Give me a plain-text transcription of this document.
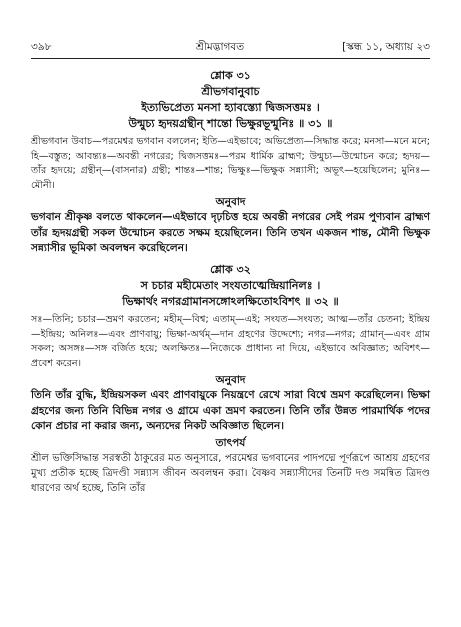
৩৯৮	শ্রীমদ্ভাগবত	[স্কন্ধ ১১, অধ্যায় ২৩
শ্লোক ৩১
শ্রীভগবানুবাচ

ইত্যভিপ্রেত্য মনসা হ্যাবস্ত্যো দ্বিজসত্তমঃ ।

উন্মুচ্য হৃদয়গ্রন্থীন্‌ শান্তো ভিক্ষুরভূন্মুনিঃ ॥ ৩১ ॥

শ্রীভগবান উবাচ—পরমেশ্বর ভগবান বললেন; ইতি—এইভাবে; অভিপ্রেত্য—সিদ্ধান্ত করে; মনসা—মনে মনে; হি—বস্তুত; আবন্ত্যঃ—অবন্তী নগরের; দ্বিজসত্তমঃ—পরম ধার্মিক ব্রাহ্মণ; উন্মুচ্য—উন্মোচন করে; হৃদয়—তাঁর হৃদয়ে; গ্রন্থীন্‌—(বাসনার) গ্রন্থী; শান্তঃ—শান্ত; ভিক্ষুঃ—ভিক্ষুক সন্ন্যাসী; অভূৎ—হয়েছিলেন; মুনিঃ—মৌনী।

অনুবাদ

ভগবান শ্রীকৃষ্ণ বলতে থাকলেন—এইভাবে দৃঢ়চিত্ত হয়ে অবন্তী নগরের সেই পরম পুণ্যবান ব্রাহ্মণ তাঁর হৃদয়গ্রন্থী সকল উন্মোচন করতে সক্ষম হয়েছিলেন। তিনি তখন একজন শান্ত, মৌনী ভিক্ষুক সন্ন্যাসীর ভূমিকা অবলম্বন করেছিলেন।

শ্লোক ৩২

স চচার মহীমেতাং সংযতাত্মেন্দ্রিয়ানিলঃ ।

ভিক্ষার্থং নগরগ্রামানসঙ্গোঽলক্ষিতোঽবিশৎ ॥ ৩২ ॥

সঃ—তিনি; চচার—ভ্রমণ করতেন; মহীম্‌—বিশ্ব; এতাম্‌—এই; সংযত—সংযত; আত্ম—তাঁর চেতনা; ইন্দ্রিয়—ইন্দ্রিয়; অনিলঃ—এবং প্রাণবায়ু; ভিক্ষা-অর্থম্‌—দান গ্রহণের উদ্দেশ্যে; নগর—নগর; গ্রামান্‌—এবং গ্রাম সকল; অসঙ্গঃ—সঙ্গ বর্জিত হয়ে; অলক্ষিতঃ—নিজেকে প্রাধান্য না দিয়ে, এইভাবে অবিজ্ঞাত; অবিশৎ—প্রবেশ করেন।

অনুবাদ

তিনি তাঁর বুদ্ধি, ইন্দ্রিয়সকল এবং প্রাণবায়ুকে নিয়ন্ত্রণে রেখে সারা বিশ্বে ভ্রমণ করেছিলেন। ভিক্ষা গ্রহণের জন্য তিনি বিভিন্ন নগর ও গ্রামে একা ভ্রমণ করতেন। তিনি তাঁর উন্নত পারমার্থিক পদের কোন প্রচার না করার জন্য, অন্যদের নিকট অবিজ্ঞাত ছিলেন।

তাৎপর্য

শ্রীল ভক্তিসিদ্ধান্ত সরস্বতী ঠাকুরের মত অনুসারে, পরমেশ্বর ভগবানের পাদপদ্মে পূর্ণরূপে আশ্রয় গ্রহণের মুখ্য প্রতীক হচ্ছে ত্রিদণ্ডী সন্ন্যাস জীবন অবলম্বন করা। বৈষ্ণব সন্ন্যাসীদের তিনটি দণ্ড সমন্বিত ত্রিদণ্ড ধারণের অর্থ হচ্ছে, তিনি তাঁর
